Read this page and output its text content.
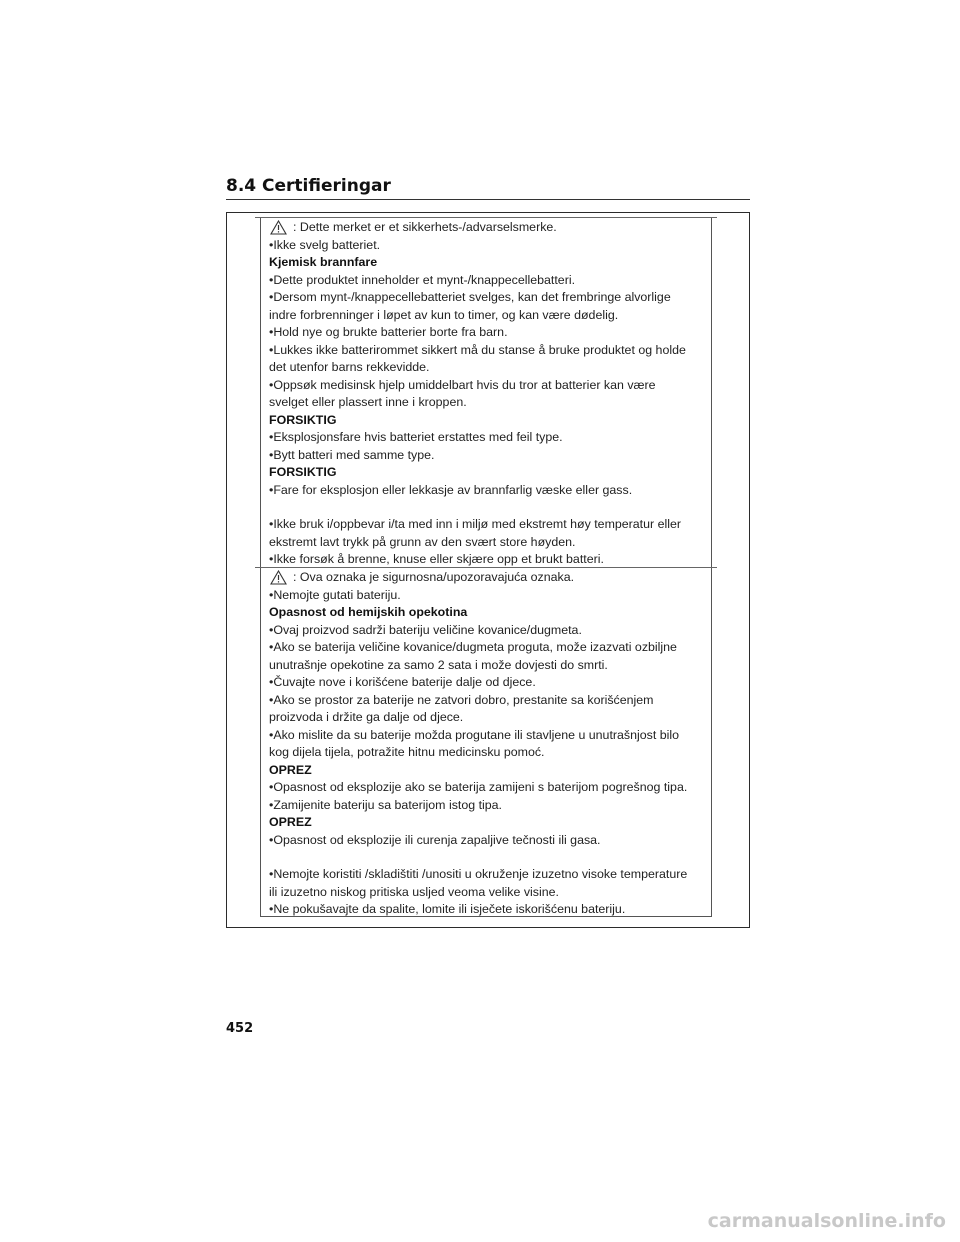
8.4 Certifieringar
: Dette merket er et sikkerhets-/advarselsmerke.
•Ikke svelg batteriet.
Kjemisk brannfare
•Dette produktet inneholder et mynt-/knappecellebatteri.
•Dersom mynt-/knappecellebatteriet svelges, kan det frembringe alvorlige
indre forbrenninger i løpet av kun to timer, og kan være dødelig.
•Hold nye og brukte batterier borte fra barn.
•Lukkes ikke batterirommet sikkert må du stanse å bruke produktet og holde
det utenfor barns rekkevidde.
•Oppsøk medisinsk hjelp umiddelbart hvis du tror at batterier kan være
svelget eller plassert inne i kroppen.
FORSIKTIG
•Eksplosjonsfare hvis batteriet erstattes med feil type.
•Bytt batteri med samme type.
FORSIKTIG
•Fare for eksplosjon eller lekkasje av brannfarlig væske eller gass.
•Ikke bruk i/oppbevar i/ta med inn i miljø med ekstremt høy temperatur eller
ekstremt lavt trykk på grunn av den svært store høyden.
•Ikke forsøk å brenne, knuse eller skjære opp et brukt batteri.
: Ova oznaka je sigurnosna/upozoravajuća oznaka.
•Nemojte gutati bateriju.
Opasnost od hemijskih opekotina
•Ovaj proizvod sadrži bateriju veličine kovanice/dugmeta.
•Ako se baterija veličine kovanice/dugmeta proguta, može izazvati ozbiljne
unutrašnje opekotine za samo 2 sata i može dovjesti do smrti.
•Čuvajte nove i korišćene baterije dalje od djece.
•Ako se prostor za baterije ne zatvori dobro, prestanite sa korišćenjem
proizvoda i držite ga dalje od djece.
•Ako mislite da su baterije možda progutane ili stavljene u unutrašnjost bilo
kog dijela tijela, potražite hitnu medicinsku pomoć.
OPREZ
•Opasnost od eksplozije ako se baterija zamijeni s baterijom pogrešnog tipa.
•Zamijenite bateriju sa baterijom istog tipa.
OPREZ
•Opasnost od eksplozije ili curenja zapaljive tečnosti ili gasa.
•Nemojte koristiti /skladištiti /unositi u okruženje izuzetno visoke temperature
ili izuzetno niskog pritiska usljed veoma velike visine.
•Ne pokušavajte da spalite, lomite ili isječete iskorišćenu bateriju.
452
carmanualsonline.info
